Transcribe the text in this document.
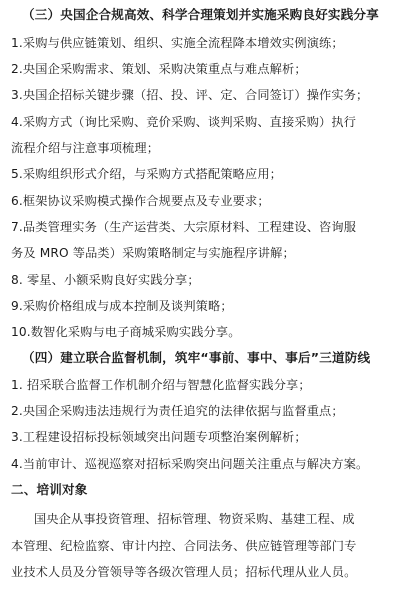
（三）央国企合规高效、科学合理策划并实施采购良好实践分享
1.采购与供应链策划、组织、实施全流程降本增效实例演练；
2.央国企采购需求、策划、采购决策重点与难点解析；
3.央国企招标关键步骤（招、投、评、定、合同签订）操作实务；
4.采购方式（询比采购、竞价采购、谈判采购、直接采购）执行
流程介绍与注意事项梳理；
5.采购组织形式介绍，与采购方式搭配策略应用；
6.框架协议采购模式操作合规要点及专业要求；
7.品类管理实务（生产运营类、大宗原材料、工程建设、咨询服
务及 MRO 等品类）采购策略制定与实施程序讲解；
8. 零星、小额采购良好实践分享；
9.采购价格组成与成本控制及谈判策略；
10.数智化采购与电子商城采购实践分享。
（四）建立联合监督机制，筑牢“事前、事中、事后”三道防线
1. 招采联合监督工作机制介绍与智慧化监督实践分享；
2.央国企采购违法违规行为责任追究的法律依据与监督重点；
3.工程建设招标投标领域突出问题专项整治案例解析；
4.当前审计、巡视巡察对招标采购突出问题关注重点与解决方案。
二、培训对象
国央企从事投资管理、招标管理、物资采购、基建工程、成
本管理、纪检监察、审计内控、合同法务、供应链管理等部门专
业技术人员及分管领导等各级次管理人员；招标代理从业人员。
